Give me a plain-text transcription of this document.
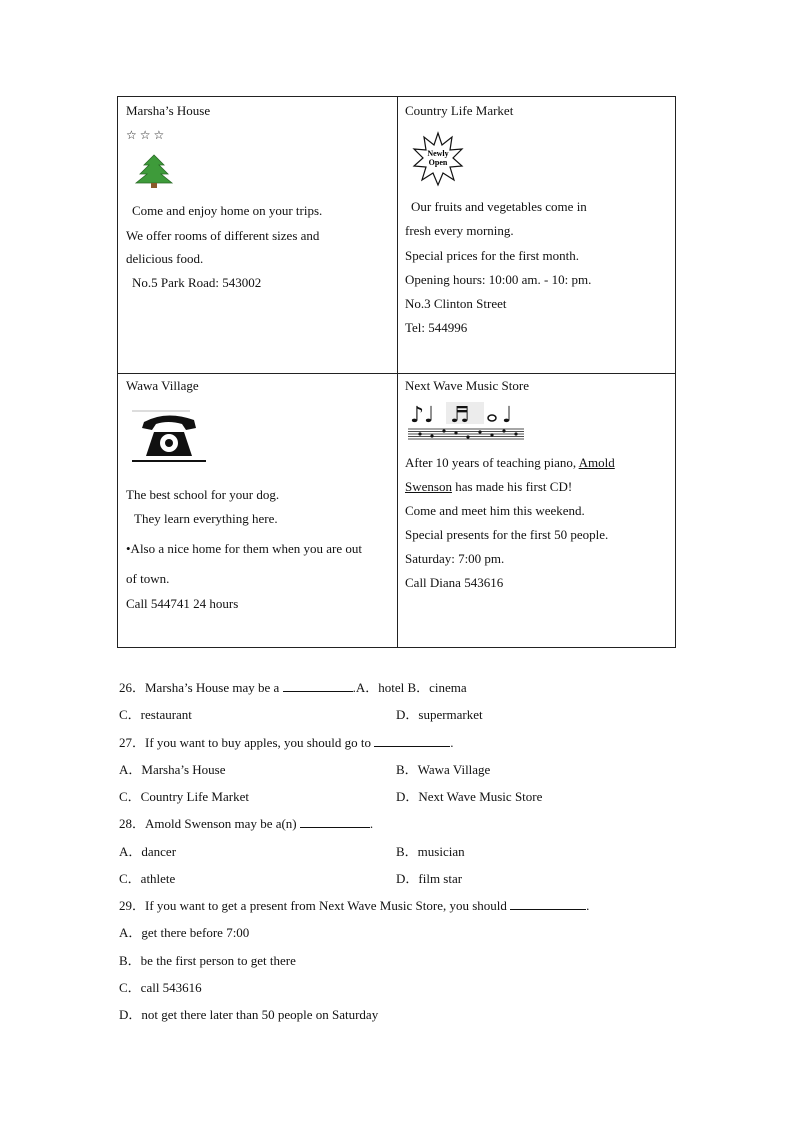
Marsha’s House
☆ ☆ ☆
Come and enjoy home on your trips.
We offer rooms of different sizes and
delicious food.
No.5 Park Road: 543002
Country Life Market
Newly
Open
Our fruits and vegetables come in
fresh every morning.
Special prices for the first month.
Opening hours: 10:00 am. - 10: pm.
No.3 Clinton Street
Tel: 544996
Wawa Village
The best school for your dog.
They learn everything here.
•Also a nice home for them when you are out
of town.
Call 544741 24 hours
Next Wave Music Store
♪♩ ♬ ♩
After 10 years of teaching piano, Amold
Swenson has made his first CD!
Come and meet him this weekend.
Special presents for the first 50 people.
Saturday: 7:00 pm.
Call Diana 543616
26．Marsha’s House may be a	.A．hotel B．cinema
C．restaurant	D．supermarket
27．If you want to buy apples, you should go to	.
A．Marsha’s House	B．Wawa Village
C．Country Life Market	D．Next Wave Music Store
28．Amold Swenson may be a(n)	.
A．dancer	B．musician
C．athlete	D．film star
29．If you want to get a present from Next Wave Music Store, you should	.
A．get there before 7:00
B．be the first person to get there
C．call 543616
D．not get there later than 50 people on Saturday
